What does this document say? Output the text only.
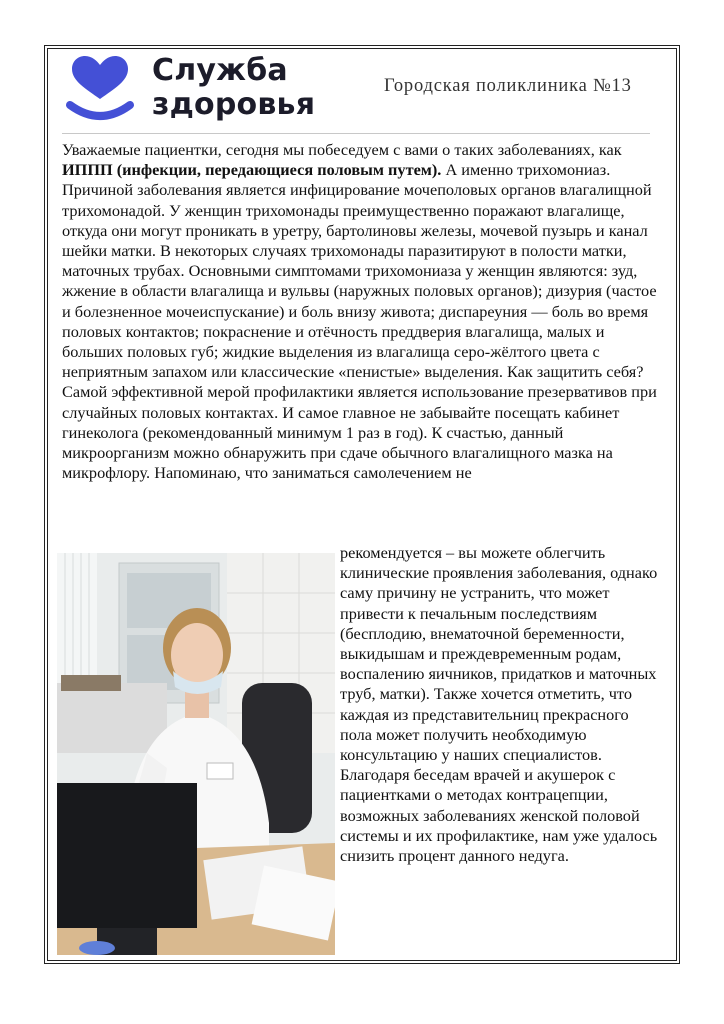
Служба
здоровья
Городская поликлиника №13
Уважаемые пациентки, сегодня мы побеседуем с вами о таких заболеваниях, как ИППП (инфекции, передающиеся половым путем). А именно трихомониаз. Причиной заболевания является инфицирование мочеполовых органов влагалищной трихомонадой. У женщин трихомонады преимущественно поражают влагалище, откуда они могут проникать в уретру, бартолиновы железы, мочевой пузырь и канал шейки матки. В некоторых случаях трихомонады паразитируют в полости матки, маточных трубах. Основными симптомами трихомониаза у женщин являются: зуд, жжение в области влагалища и вульвы (наружных половых органов); дизурия (частое и болезненное мочеиспускание) и боль внизу живота; диспареуния — боль во время половых контактов; покраснение и отёчность преддверия влагалища, малых и больших половых губ; жидкие выделения из влагалища серо-жёлтого цвета с неприятным запахом или классические «пенистые» выделения. Как защитить себя? Самой эффективной мерой профилактики является использование презервативов при случайных половых контактах. И самое главное не забывайте посещать кабинет гинеколога (рекомендованный минимум 1 раз в год). К счастью, данный микроорганизм можно обнаружить при сдаче обычного влагалищного мазка на микрофлору. Напоминаю, что заниматься самолечением не
рекомендуется – вы можете облегчить клинические проявления заболевания, однако саму причину не устранить, что может привести к печальным последствиям (бесплодию, внематочной беременности, выкидышам и преждевременным родам, воспалению яичников, придатков и маточных труб, матки). Также хочется отметить, что каждая из представительниц прекрасного пола может получить необходимую консультацию у наших специалистов. Благодаря беседам врачей и акушерок с пациентками о методах контрацепции, возможных заболеваниях женской половой системы и их профилактике, нам уже удалось снизить процент данного недуга.
